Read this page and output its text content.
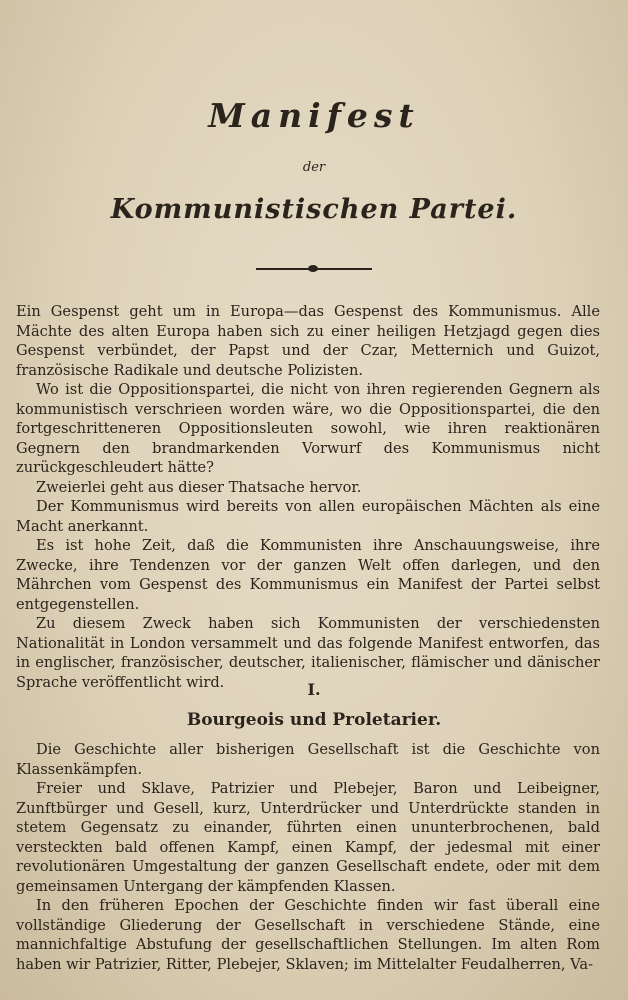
Manifest
der
Kommunistischen Partei.

Ein Gespenst geht um in Europa—das Gespenst des Kommunismus. Alle Mächte des alten Europa haben sich zu einer heiligen Hetzjagd gegen dies Gespenst verbündet, der Papst und der Czar, Metternich und Guizot, französische Radikale und deutsche Polizisten.

Wo ist die Oppositionspartei, die nicht von ihren regierenden Gegnern als kommunistisch verschrieen worden wäre, wo die Oppositionspartei, die den fortgeschritteneren Oppositionsleuten sowohl, wie ihren reaktionären Gegnern den brandmarkenden Vorwurf des Kommunismus nicht zurückgeschleudert hätte?

Zweierlei geht aus dieser Thatsache hervor.

Der Kommunismus wird bereits von allen europäischen Mächten als eine Macht anerkannt.

Es ist hohe Zeit, daß die Kommunisten ihre Anschauungsweise, ihre Zwecke, ihre Tendenzen vor der ganzen Welt offen darlegen, und den Mährchen vom Gespenst des Kommunismus ein Manifest der Partei selbst entgegenstellen.

Zu diesem Zweck haben sich Kommunisten der verschiedensten Nationalität in London versammelt und das folgende Manifest entworfen, das in englischer, französischer, deutscher, italienischer, flämischer und dänischer Sprache veröffentlicht wird.	I.
Bourgeois und Proletarier.

Die Geschichte aller bisherigen Gesellschaft ist die Geschichte von Klassenkämpfen.

Freier und Sklave, Patrizier und Plebejer, Baron und Leibeigner, Zunftbürger und Gesell, kurz, Unterdrücker und Unterdrückte standen in stetem Gegensatz zu einander, führten einen ununterbrochenen, bald versteckten bald offenen Kampf, einen Kampf, der jedesmal mit einer revolutionären Umgestaltung der ganzen Gesellschaft endete, oder mit dem gemeinsamen Untergang der kämpfenden Klassen.

In den früheren Epochen der Geschichte finden wir fast überall eine vollständige Gliederung der Gesellschaft in verschiedene Stände, eine mannichfaltige Abstufung der gesellschaftlichen Stellungen. Im alten Rom haben wir Patrizier, Ritter, Plebejer, Sklaven; im Mittelalter Feudalherren, Va-
